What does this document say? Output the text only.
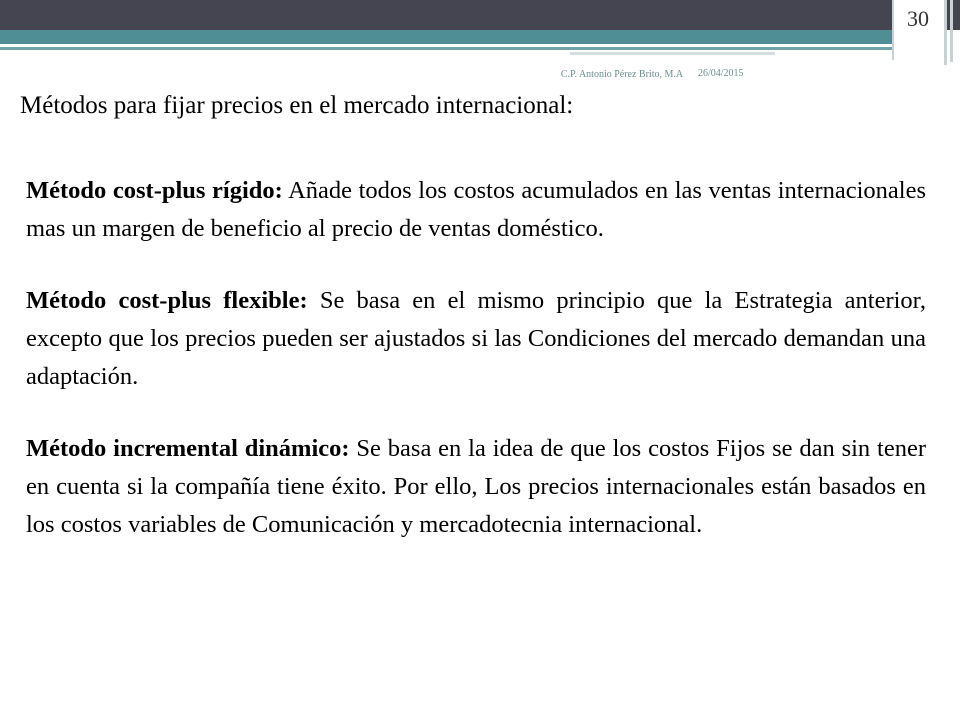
30
C.P. Antonio Pérez Brito, M.A	26/04/2015
Métodos para fijar precios en el mercado internacional:

Método cost-plus rígido: Añade todos los costos acumulados en las ventas internacionales mas un margen de beneficio al precio de ventas doméstico.

Método cost-plus flexible: Se basa en el mismo principio que la Estrategia anterior, excepto que los precios pueden ser ajustados si las Condiciones del mercado demandan una adaptación.

Método incremental dinámico: Se basa en la idea de que los costos Fijos se dan sin tener en cuenta si la compañía tiene éxito. Por ello, Los precios internacionales están basados en los costos variables de Comunicación y mercadotecnia internacional.
